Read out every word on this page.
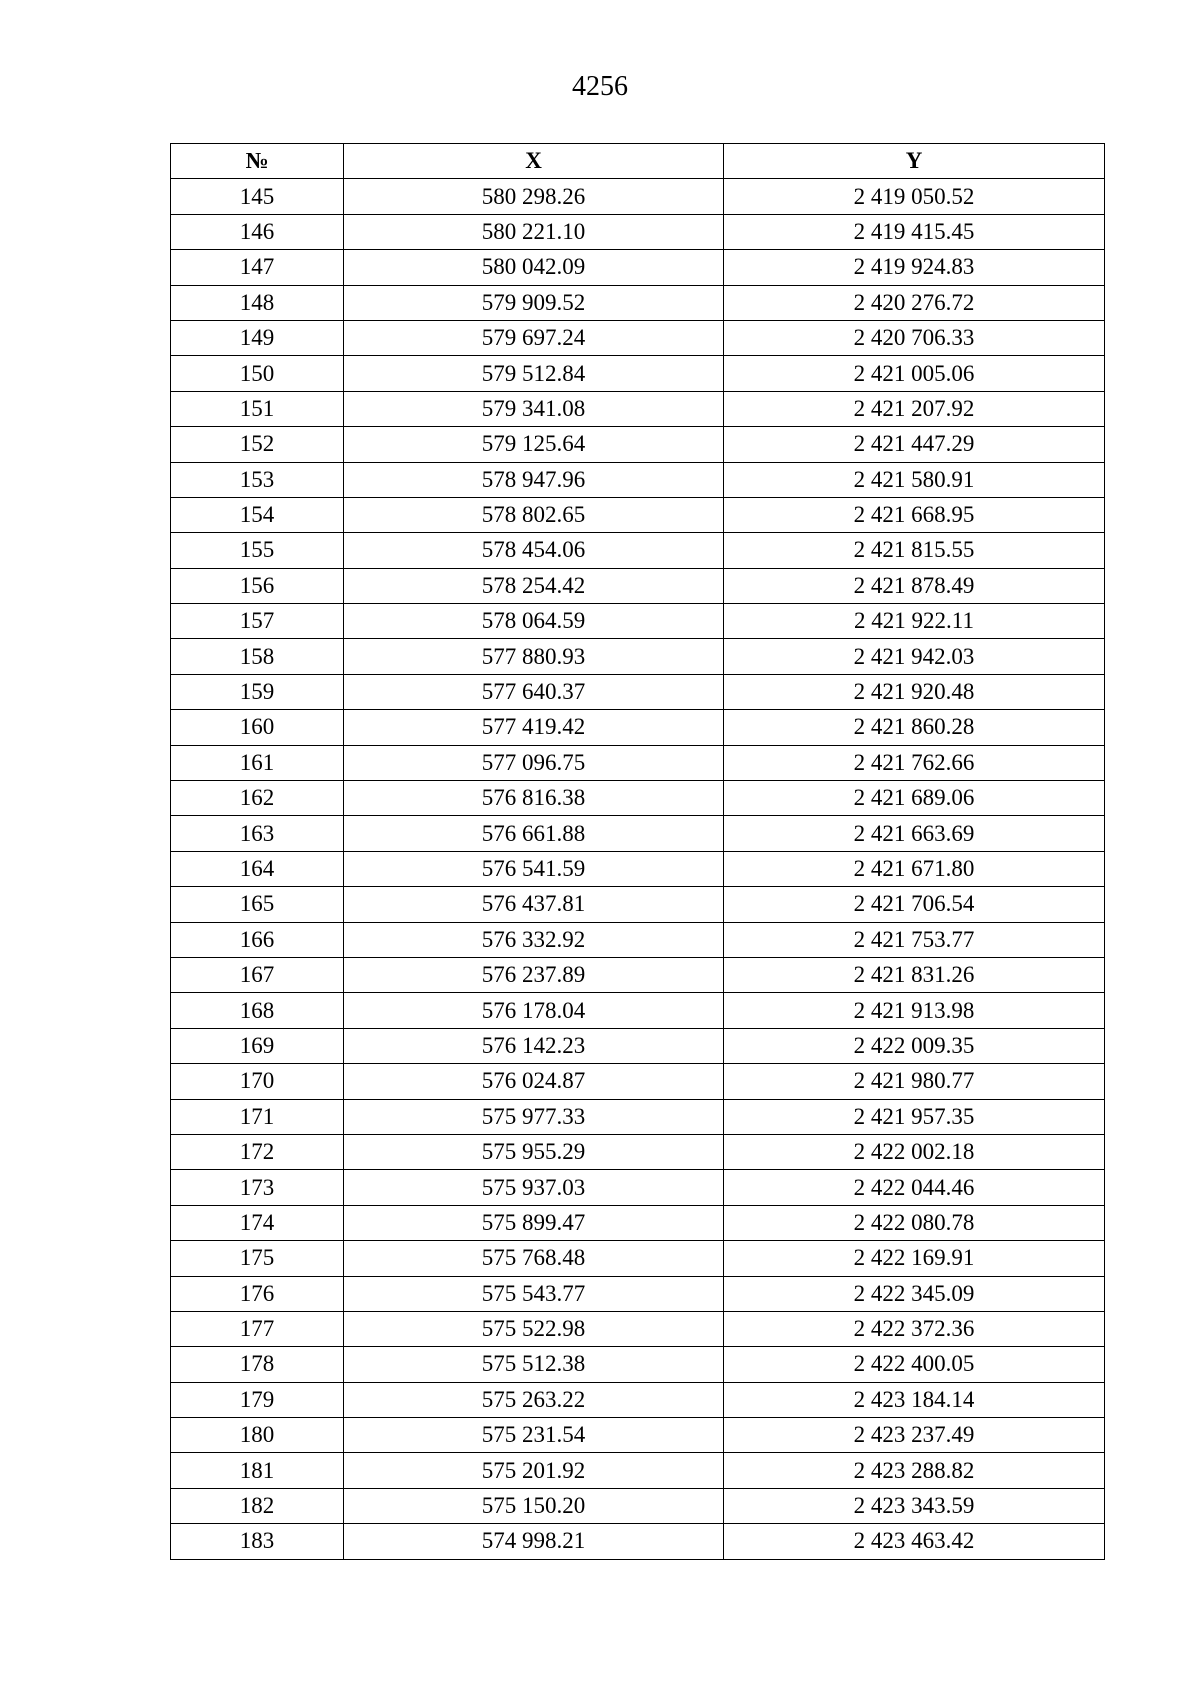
4256
№	X	Y
145	580 298.26	2 419 050.52
146	580 221.10	2 419 415.45
147	580 042.09	2 419 924.83
148	579 909.52	2 420 276.72
149	579 697.24	2 420 706.33
150	579 512.84	2 421 005.06
151	579 341.08	2 421 207.92
152	579 125.64	2 421 447.29
153	578 947.96	2 421 580.91
154	578 802.65	2 421 668.95
155	578 454.06	2 421 815.55
156	578 254.42	2 421 878.49
157	578 064.59	2 421 922.11
158	577 880.93	2 421 942.03
159	577 640.37	2 421 920.48
160	577 419.42	2 421 860.28
161	577 096.75	2 421 762.66
162	576 816.38	2 421 689.06
163	576 661.88	2 421 663.69
164	576 541.59	2 421 671.80
165	576 437.81	2 421 706.54
166	576 332.92	2 421 753.77
167	576 237.89	2 421 831.26
168	576 178.04	2 421 913.98
169	576 142.23	2 422 009.35
170	576 024.87	2 421 980.77
171	575 977.33	2 421 957.35
172	575 955.29	2 422 002.18
173	575 937.03	2 422 044.46
174	575 899.47	2 422 080.78
175	575 768.48	2 422 169.91
176	575 543.77	2 422 345.09
177	575 522.98	2 422 372.36
178	575 512.38	2 422 400.05
179	575 263.22	2 423 184.14
180	575 231.54	2 423 237.49
181	575 201.92	2 423 288.82
182	575 150.20	2 423 343.59
183	574 998.21	2 423 463.42
